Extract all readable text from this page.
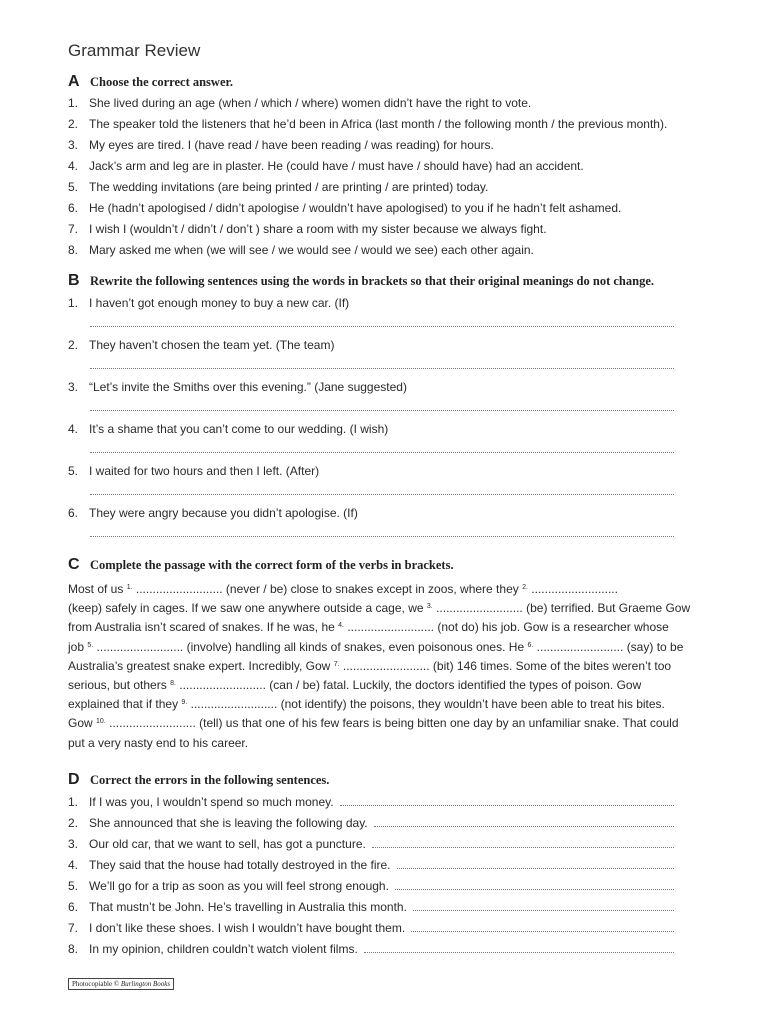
Grammar Review
A Choose the correct answer.
1. She lived during an age (when / which / where) women didn’t have the right to vote.
2. The speaker told the listeners that he’d been in Africa (last month / the following month / the previous month).
3. My eyes are tired. I (have read / have been reading / was reading) for hours.
4. Jack’s arm and leg are in plaster. He (could have / must have / should have) had an accident.
5. The wedding invitations (are being printed / are printing / are printed) today.
6. He (hadn’t apologised / didn’t apologise / wouldn’t have apologised) to you if he hadn’t felt ashamed.
7. I wish I (wouldn’t / didn’t / don’t ) share a room with my sister because we always fight.
8. Mary asked me when (we will see / we would see / would we see) each other again.
B Rewrite the following sentences using the words in brackets so that their original meanings do not change.
1. I haven’t got enough money to buy a new car. (If)
2. They haven’t chosen the team yet. (The team)
3. “Let’s invite the Smiths over this evening.” (Jane suggested)
4. It’s a shame that you can’t come to our wedding. (I wish)
5. I waited for two hours and then I left. (After)
6. They were angry because you didn’t apologise. (If)
C Complete the passage with the correct form of the verbs in brackets.
Most of us $^{1.}$ .......................... (never / be) close to snakes except in zoos, where they $^{2.}$ ..........................
(keep) safely in cages. If we saw one anywhere outside a cage, we $^{3.}$ .......................... (be) terrified. But Graeme Gow
from Australia isn’t scared of snakes. If he was, he $^{4.}$ .......................... (not do) his job. Gow is a researcher whose
job $^{5.}$ .......................... (involve) handling all kinds of snakes, even poisonous ones. He $^{6.}$ .......................... (say) to be
Australia’s greatest snake expert. Incredibly, Gow $^{7.}$ .......................... (bit) 146 times. Some of the bites weren’t too
serious, but others $^{8.}$ .......................... (can / be) fatal. Luckily, the doctors identified the types of poison. Gow
explained that if they $^{9.}$ .......................... (not identify) the poisons, they wouldn’t have been able to treat his bites.
Gow $^{10.}$ .......................... (tell) us that one of his few fears is being bitten one day by an unfamiliar snake. That could
put a very nasty end to his career.
D Correct the errors in the following sentences.
1. If I was you, I wouldn’t spend so much money.
2. She announced that she is leaving the following day.
3. Our old car, that we want to sell, has got a puncture.
4. They said that the house had totally destroyed in the fire.
5. We’ll go for a trip as soon as you will feel strong enough.
6. That mustn’t be John. He’s travelling in Australia this month.
7. I don’t like these shoes. I wish I wouldn’t have bought them.
8. In my opinion, children couldn’t watch violent films.
Photocopiable © Burlington Books
